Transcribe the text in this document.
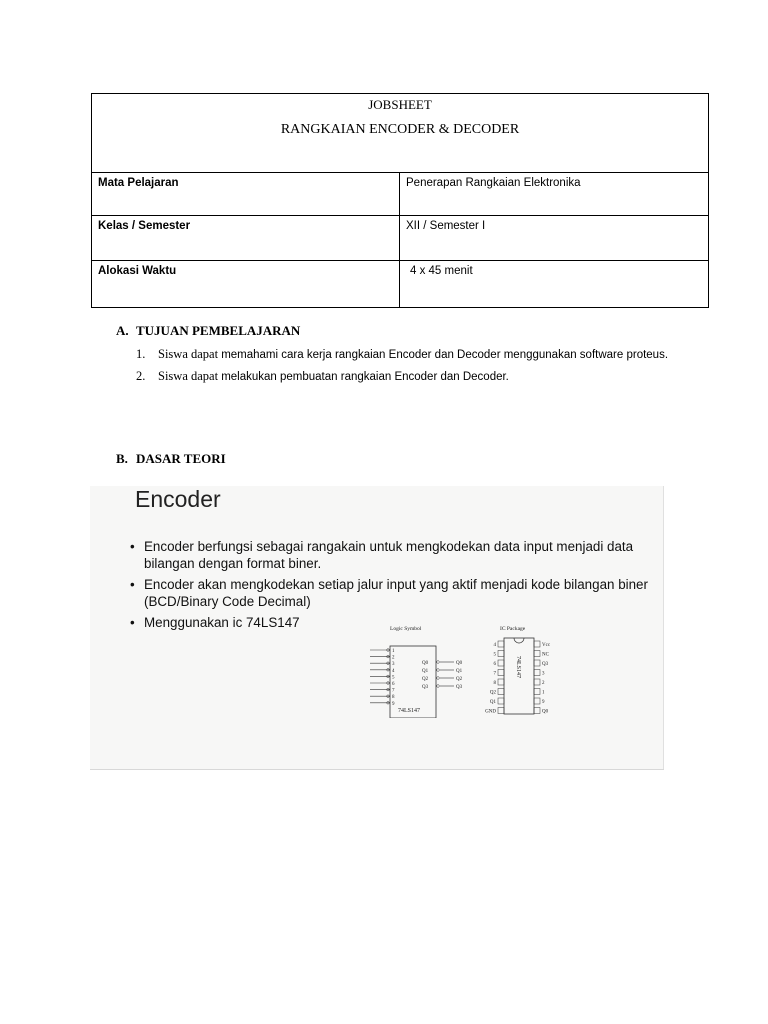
JOBSHEET
RANGKAIAN ENCODER & DECODER	

Mata Pelajaran	Penerapan Rangkaian Elektronika
Kelas / Semester	XII / Semester I
Alokasi Waktu	4 x 45 menit
A. TUJUAN PEMBELAJARAN
1. Siswa dapat memahami cara kerja rangkaian Encoder dan Decoder menggunakan software proteus.
2. Siswa dapat melakukan pembuatan rangkaian Encoder dan Decoder.
B. DASAR TEORI
Encoder
• Encoder berfungsi sebagai rangakain untuk mengkodekan data input menjadi data bilangan dengan format biner.
• Encoder akan mengkodekan setiap jalur input yang aktif menjadi kode bilangan biner (BCD/Binary Code Decimal)
• Menggunakan ic 74LS147	Logic Symbol
1
2
3
4
5
6
7
8
9
Q0	Q0
Q1	Q1
Q2	Q2
Q3	Q3
74LS147
IC Package
74LS147
4
5
6
7
8
Q2
Q1
GND
Vcc
NC
Q3
3
2
1
9
Q0
